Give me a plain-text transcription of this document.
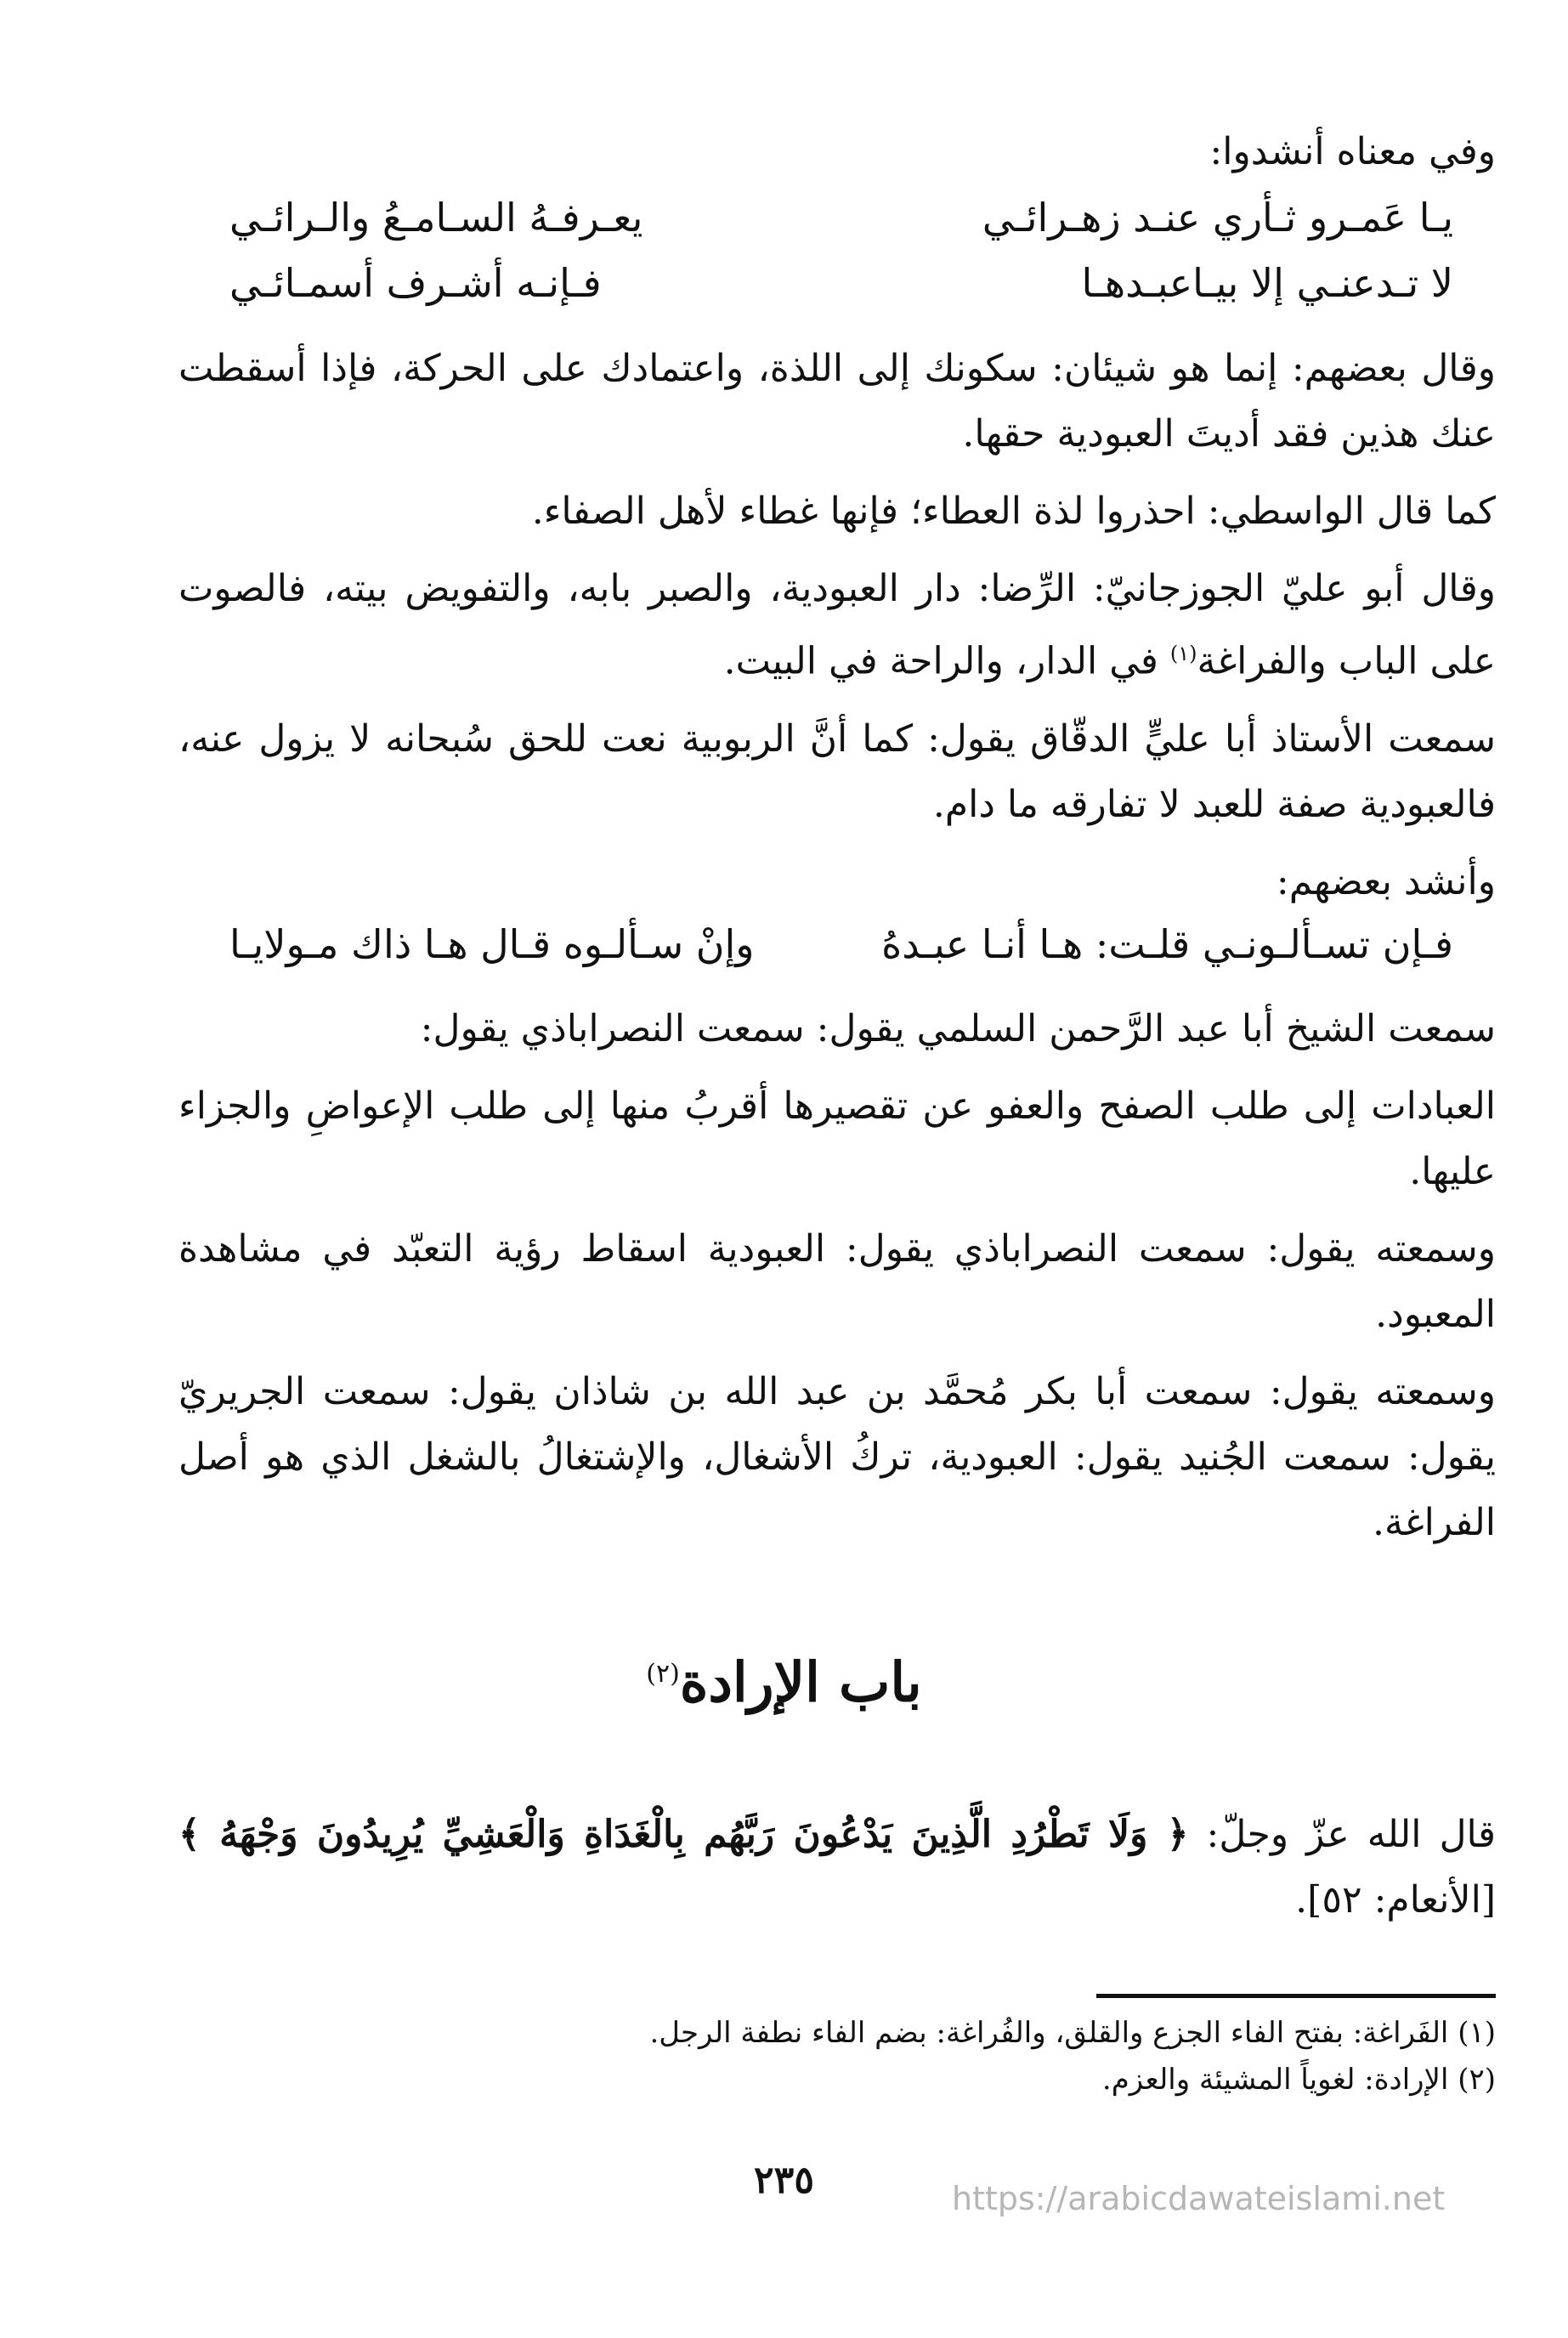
وفي معناه أنشدوا:

يـا عَمـرو ثـأري عنـد زهـرائـي
يعـرفـهُ السـامـعُ والـرائـي
لا تـدعنـي إلا بيـاعبـدهـا
فـإنـه أشـرف أسمـائـي

وقال بعضهم: إنما هو شيئان: سكونك إلى اللذة، واعتمادك على الحركة، فإذا أسقطت عنك هذين فقد أديتَ العبودية حقها.

كما قال الواسطي: احذروا لذة العطاء؛ فإنها غطاء لأهل الصفاء.

وقال أبو عليّ الجوزجانيّ: الرِّضا: دار العبودية، والصبر بابه، والتفويض بيته، فالصوت على الباب والفراغة$^{(١)}$ في الدار، والراحة في البيت.

سمعت الأستاذ أبا عليٍّ الدقّاق يقول: كما أنَّ الربوبية نعت للحق سُبحانه لا يزول عنه، فالعبودية صفة للعبد لا تفارقه ما دام.

وأنشد بعضهم:

فـإن تسـألـونـي قلـت: هـا أنـا عبـدهُ
وإنْ سـألـوه قـال هـا ذاك مـولايـا

سمعت الشيخ أبا عبد الرَّحمن السلمي يقول: سمعت النصراباذي يقول:

العبادات إلى طلب الصفح والعفو عن تقصيرها أقربُ منها إلى طلب الإعواضِ والجزاء عليها.

وسمعته يقول: سمعت النصراباذي يقول: العبودية اسقاط رؤية التعبّد في مشاهدة المعبود.

وسمعته يقول: سمعت أبا بكر مُحمَّد بن عبد الله بن شاذان يقول: سمعت الجريريّ يقول: سمعت الجُنيد يقول: العبودية، تركُ الأشغال، والإشتغالُ بالشغل الذي هو أصل الفراغة.

باب الإرادة$^{(٢)}$

قال الله عزّ وجلّ: ﴿ وَلَا تَطْرُدِ الَّذِينَ يَدْعُونَ رَبَّهُم بِالْغَدَاةِ وَالْعَشِيِّ يُرِيدُونَ وَجْهَهُ ﴾ [الأنعام: ٥٢].

(١) الفَراغة: بفتح الفاء الجزع والقلق، والفُراغة: بضم الفاء نطفة الرجل.

(٢) الإرادة: لغوياً المشيئة والعزم.

٢٣٥	https://arabicdawateislami.net
